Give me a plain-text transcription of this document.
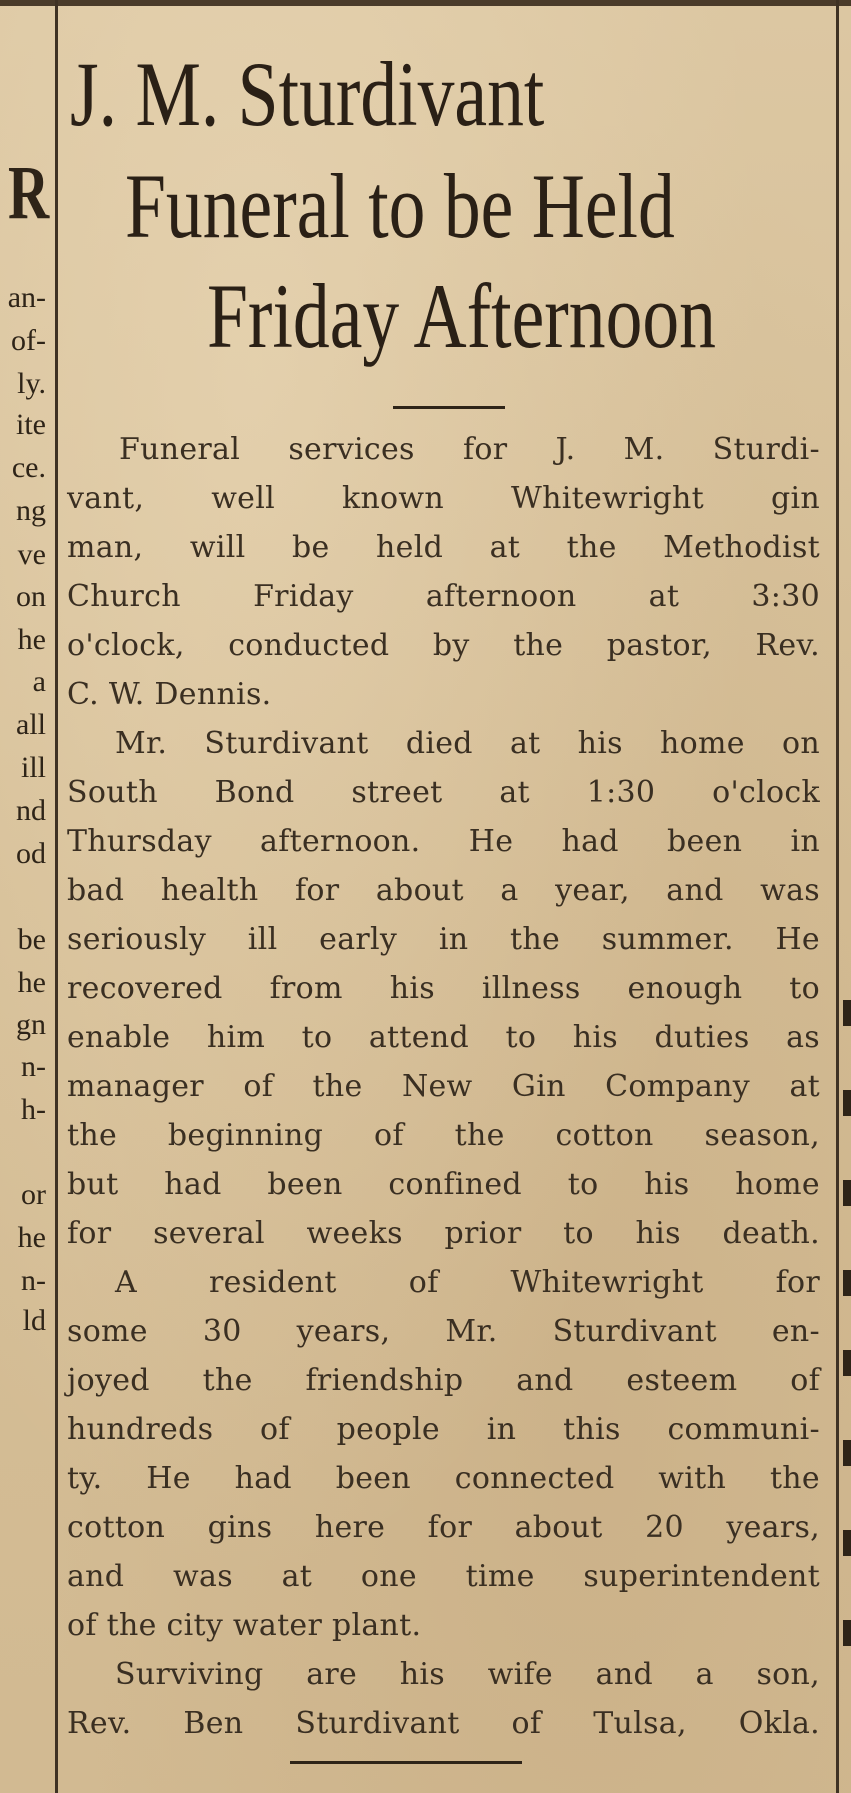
R
an-
of-
ly.
ite
ce.
ng
ve
on
he
a
all
ill
nd
od
be
he
gn
n-
h-
or
he
n-
ld
J. M. Sturdivant
Funeral to be Held
Friday Afternoon
Funeral services for J. M. Sturdi-
vant, well known Whitewright gin
man, will be held at the Methodist
Church Friday afternoon at 3:30
o'clock, conducted by the pastor, Rev.
C. W. Dennis.
Mr. Sturdivant died at his home on
South Bond street at 1:30 o'clock
Thursday afternoon. He had been in
bad health for about a year, and was
seriously ill early in the summer. He
recovered from his illness enough to
enable him to attend to his duties as
manager of the New Gin Company at
the beginning of the cotton season,
but had been confined to his home
for several weeks prior to his death.
A resident of Whitewright for
some 30 years, Mr. Sturdivant en-
joyed the friendship and esteem of
hundreds of people in this communi-
ty. He had been connected with the
cotton gins here for about 20 years,
and was at one time superintendent
of the city water plant.
Surviving are his wife and a son,
Rev. Ben Sturdivant of Tulsa, Okla.
